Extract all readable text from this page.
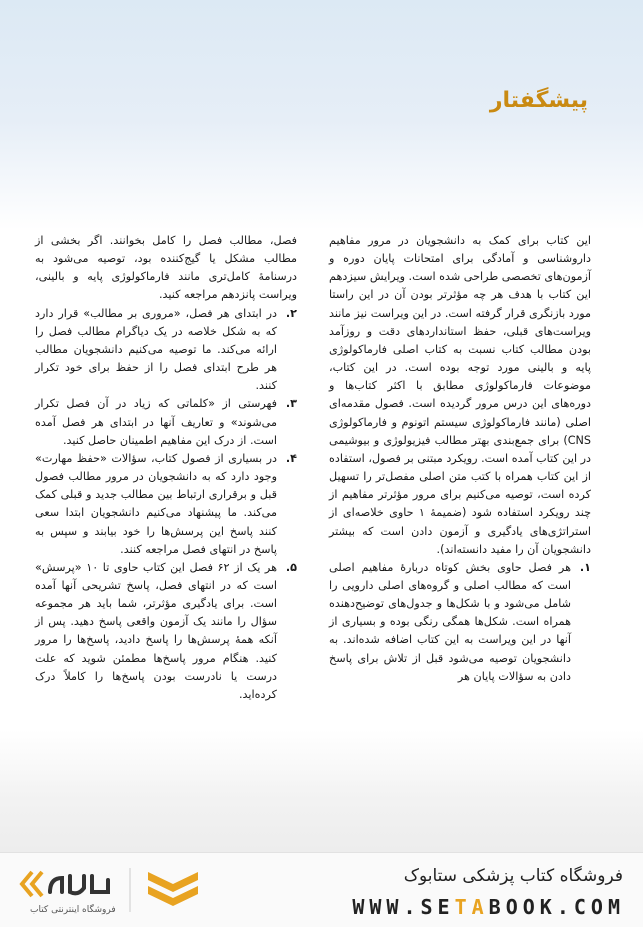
پیشگفتار

این کتاب برای کمک به دانشجویان در مرور مفاهیم داروشناسی و آمادگی برای امتحانات پایان دوره و آزمون‌های تخصصی طراحی شده است. ویرایش سیزدهم این کتاب با هدف هر چه مؤثرتر بودن آن در این راستا مورد بازنگری قرار گرفته است. در این ویراست نیز مانند ویراست‌های قبلی، حفظ استانداردهای دقت و روزآمد بودن مطالب کتاب نسبت به کتاب اصلی فارماکولوژی پایه و بالینی مورد توجه بوده است. در این کتاب، موضوعات فارماکولوژی مطابق با اکثر کتاب‌ها و دوره‌های این درس مرور گردیده است. فصول مقدمه‌ای اصلی (مانند فارماکولوژی سیستم اتونوم و فارماکولوژی CNS) برای جمع‌بندی بهتر مطالب فیزیولوژی و بیوشیمی در این کتاب آمده است. رویکرد مبتنی بر فصول، استفاده از این کتاب همراه با کتب متن اصلی مفصل‌تر را تسهیل کرده است، توصیه می‌کنیم برای مرور مؤثرتر مفاهیم از چند رویکرد استفاده شود (ضمیمهٔ ۱ حاوی خلاصه‌ای از استراتژی‌های یادگیری و آزمون دادن است که بیشتر دانشجویان آن را مفید دانسته‌اند).

۱.
هر فصل حاوی بخش کوتاه دربارهٔ مفاهیم اصلی است که مطالب اصلی و گروه‌های اصلی دارویی را شامل می‌شود و با شکل‌ها و جدول‌های توضیح‌دهنده همراه است. شکل‌ها همگی رنگی بوده و بسیاری از آنها در این ویراست به این کتاب اضافه شده‌اند. به دانشجویان توصیه می‌شود قبل از تلاش برای پاسخ دادن به سؤالات پایان هر

فصل، مطالب فصل را کامل بخوانند. اگر بخشی از مطالب مشکل یا گیج‌کننده بود، توصیه می‌شود به درسنامهٔ کامل‌تری مانند فارماکولوژی پایه و بالینی، ویراست پانزدهم مراجعه کنید.

۲.
در ابتدای هر فصل، «مروری بر مطالب» قرار دارد که به شکل خلاصه در یک دیاگرام مطالب فصل را ارائه می‌کند. ما توصیه می‌کنیم دانشجویان مطالب هر طرح ابتدای فصل را از حفظ برای خود تکرار کنند.
۳.
فهرستی از «کلماتی که زیاد در آن فصل تکرار می‌شوند» و تعاریف آنها در ابتدای هر فصل آمده است. از درک این مفاهیم اطمینان حاصل کنید.
۴.
در بسیاری از فصول کتاب، سؤالات «حفظ مهارت» وجود دارد که به دانشجویان در مرور مطالب فصول قبل و برقراری ارتباط بین مطالب جدید و قبلی کمک می‌کند. ما پیشنهاد می‌کنیم دانشجویان ابتدا سعی کنند پاسخ این پرسش‌ها را خود بیابند و سپس به پاسخ در انتهای فصل مراجعه کنند.
۵.
هر یک از ۶۲ فصل این کتاب حاوی تا ۱۰ «پرسش» است که در انتهای فصل، پاسخ تشریحی آنها آمده است. برای یادگیری مؤثرتر، شما باید هر مجموعه سؤال را مانند یک آزمون واقعی پاسخ دهید. پس از آنکه همهٔ پرسش‌ها را پاسخ دادید، پاسخ‌ها را مرور کنید. هنگام مرور پاسخ‌ها مطمئن شوید که علت درست یا نادرست بودن پاسخ‌ها را کاملاً درک کرده‌اید.
فروشگاه اینترنتی کتاب
فروشگاه کتاب پزشکی ستابوک
WWW.SETABOOK.COM
